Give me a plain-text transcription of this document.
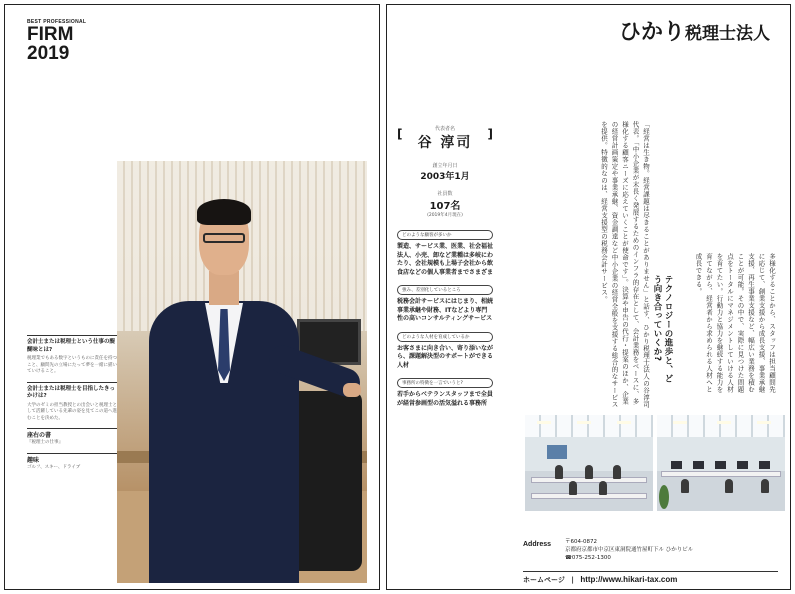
BEST PROFESSIONAL
FIRM
2019
会計士または税理士という仕事の醍醐味とは?
税理業でもある数字というものに責任を持つこと、顧問先の立場にたって夢を一緒に描いていけること。
会計士または税理士を目指したきっかけは?
大学のゼミの担当教授との出会いと税理士として活躍している先輩の姿を見てこの道へ進むことを決めた。
座右の書
『税理士の仕事』
趣味
ゴルフ、スキー、ドライブ
ひかり税理士法人
[	]
代表者名
谷 淳司
創立年月日
2003年1月
社員数
107名
(2019年4月現在)
どのような顧客が多いか
製造、サービス業、医業、社会福祉法人、小売、卸など業種は多岐にわたり、会社規模も上場子会社から飲食店などの個人事業者までさまざま
強み、差別化しているところ
税務会計サービスにはじまり、相続事業承継や財務、ITなどより専門性の高いコンサルティングサービス
どのような人材を育成しているか
お客さまに向き合い、寄り添いながら、課題解決型のサポートができる人材
事務所の特徴を一言でいうと?
若手からベテランスタッフまで全員が経営参画型の活気溢れる事務所	「経営は生き物。経営課題は尽きることがありません」と話す、ひかり税理士法人の谷淳司代表。「中小企業が末長く発展するためのインフラ的存在として、会計業務をベースに、多様化する顧客ニーズに応えていくことが使命です」。決算や申告の代行・提案のほか、企業の経営計画策定や事業承継、資金調達など中小企業の経営全般を支援する総合的なサービスを提供。特徴的なのは、経営支援型の税務会計サービス。
テクノロジーの進歩と、どう向き合っていくか?	多様化することから、スタッフは担当顧問先に応じて、創業支援から成長支援、事業承継支援、再生事業支援など、幅広い業務を積むことが可能。その中で、実際に見つけた問題点をトータルにマネジメントしていける人材を育てたい。行動力と協力を継続する能力を育てながら、経営者から求められる人材へと成長できる。
Address	〒604-0872
京都府京都市中京区東洞院通竹屋町下ル ひかりビル
☎075-252-1300
ホームページ | http://www.hikari-tax.com
